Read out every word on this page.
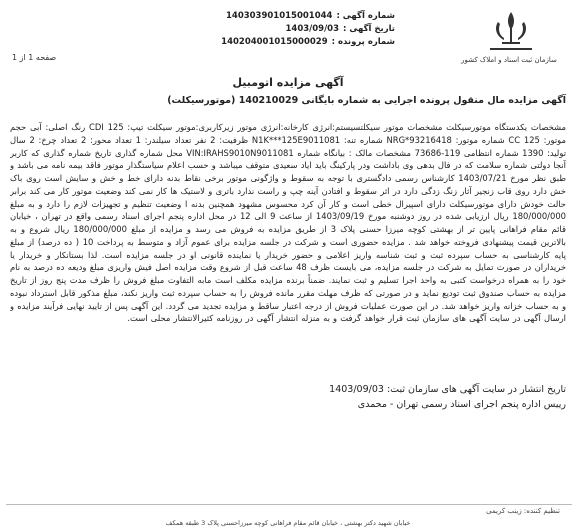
سازمان ثبت اسناد و املاک کشور
شماره آگهی :
140303901015001044
تاریخ آگهی :
1403/09/03
شماره پرونده :
140204001015000029
صفحه 1 از 1
آگهی مزایده اتومبیل
آگهی مزایده مال منقول پرونده اجرایی به شماره بایگانی 140210029 (موتورسیکلت)
مشخصات یکدستگاه موتورسیکلت مشخصات موتور سیکلتسیستم:انرژی کارخانه:انرژی موتور زیرکاربری:موتور سیکلت تیپ: CDI 125 رنگ اصلی: آبی حجم موتور: 125 CC شماره موتور: NRG*93216418 شماره تنه: N1K***125E9011081 ظرفیت: 2 نفر تعداد سیلندر: 1 تعداد محور: 2 تعداد چرخ: 2 سال تولید: 1390 شماره انتظامی 119-73686 مشخصات مالک : بیانگاه شماره VIN:IRAHS9010N9011081 محل شماره گذاری تاریخ شماره گذاری که کاربر آنجا دولتی شماره سلامت که در فال بدهی وی باداشت ودر پارکینگ باید ایاد سعیدی متوقف میباشد و حسب اعلام سیاستگذار موتور فاقد بیمه نامه می باشد و طبق نظر مورخ 1403/07/21 کارشناس رسمی دادگستری با توجه به سقوط و واژگونی موتور برخی نقاط بدنه دارای خط و خش و سایش است روی باک خش دارد روی قاب زنجیر آثار زنگ زدگی دارد در اثر سقوط و افتادن آینه چپ و راست ندارد باتری و لاستیک ها کار نمی کند وضعیت موتور کار می کند برابر حالت خودش دارای موتورسیکلت دارای اسپیرال خطی است و کار آن کرد محسوس مشهود همچنین بدنه ا وضعیت تنظیم و تجهیزات لازم را دارد و به مبلغ 180/000/000 ریال ارزیابی شده در روز دوشنبه مورخ 1403/09/19 از ساعت 9 الی 12 در محل اداره پنجم اجرای اسناد رسمی واقع در تهران ، خیابان قائم مقام فراهانی پایین تر از بهشتی کوچه میرزا حسنی پلاک 3 از طریق مزایده به فروش می رسد و مزایده از مبلغ 180/000/000 ریال شروع و به بالاترین قیمت پیشنهادی فروخته خواهد شد . مزایده حضوری است و شرکت در جلسه مزایده برای عموم آزاد و متوسط به پرداخت 10 ( ده درصد) از مبلغ پایه کارشناسی به حساب سپرده ثبت و ثبت شناسه واریز اعلامی و حضور خریدار یا نماینده قانونی او در جلسه مزایده است. لذا بستانکار و خریدار یا خریداران در صورت تمایل به شرکت در جلسه مزایده، می بایست ظرف 48 ساعت قبل از شروع وقت مزایده اصل فیش واریزی مبلغ ودیعه ده درصد به نام خود را به همراه درخواست کتبی به واحد اجرا تسلیم و ثبت نمایند. ضمناً برنده مزایده مکلف است مابه التفاوت مبلغ فروش را ظرف مدت پنج روز از تاریخ مزایده به حساب صندوق ثبت تودیع نماید و در صورتی که ظرف مهلت مقرر مانده فروش را به حساب سپرده ثبت واریز نکند، مبلغ مذکور قابل استرداد نبوده و به حساب خزانه واریز خواهد شد. در این صورت عملیات فروش از درجه اعتبار ساقط و مزایده تجدید می گردد. این آگهی پس از تایید نهایی فرآیند مزایده و ارسال آگهی در سایت آگهی های سازمان ثبت قرار خواهد گرفت و به منزله انتشار آگهی در روزنامه کثیرالانتشار محلی است.
تاریخ انتشار در سایت آگهی های سازمان ثبت: 1403/09/03
رییس اداره پنجم اجرای اسناد رسمی تهران - محمدی
تنظیم کننده: زینب کریمی
خیابان شهید دکتر بهشتی ، خیابان قائم مقام فراهانی کوچه میرزاحسنی پلاک 3 طبقه همکف
